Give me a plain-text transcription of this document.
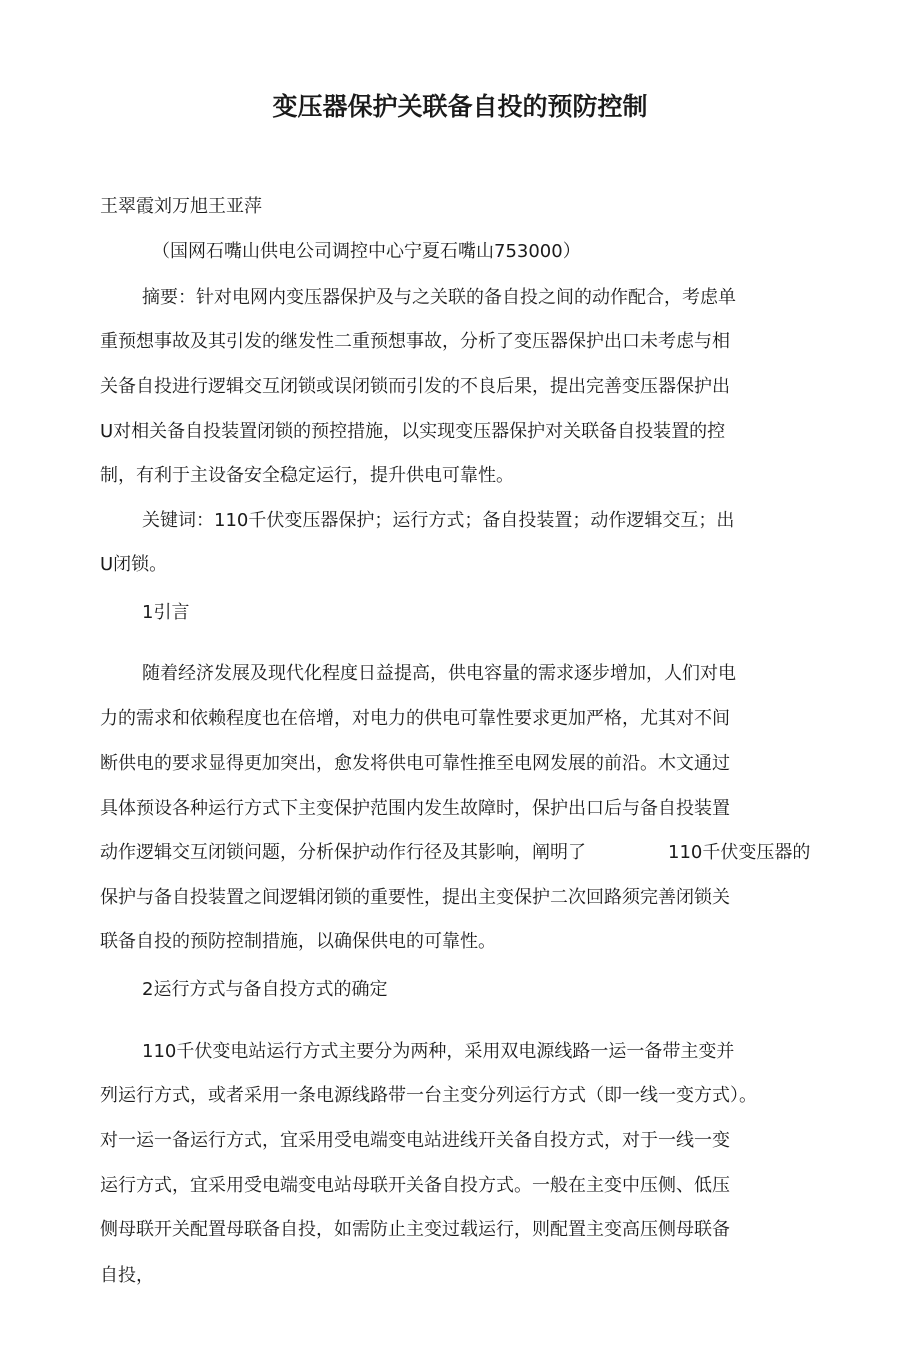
变压器保护关联备自投的预防控制

王翠霞刘万旭王亚萍

（国网石嘴山供电公司调控中心宁夏石嘴山753000）

摘要：针对电网内变压器保护及与之关联的备自投之间的动作配合，考虑单

重预想事故及其引发的继发性二重预想事故，分析了变压器保护出口未考虑与相

关备自投进行逻辑交互闭锁或误闭锁而引发的不良后果，提出完善变压器保护出

U对相关备自投装置闭锁的预控措施，以实现变压器保护对关联备自投装置的控

制，有利于主设备安全稳定运行，提升供电可靠性。

关键词：110千伏变压器保护；运行方式；备自投装置；动作逻辑交互；出

U闭锁。

1引言

随着经济发展及现代化程度日益提高，供电容量的需求逐步增加，人们对电

力的需求和依赖程度也在倍增，对电力的供电可靠性要求更加严格，尤其对不间

断供电的要求显得更加突出，愈发将供电可靠性推至电网发展的前沿。木文通过

具体预设各种运行方式下主变保护范围内发生故障时，保护出口后与备自投装置

动作逻辑交互闭锁问题，分析保护动作行径及其影响，阐明了	110千伏变压器的

保护与备自投装置之间逻辑闭锁的重要性，提出主变保护二次回路须完善闭锁关

联备自投的预防控制措施，以确保供电的可靠性。

2运行方式与备自投方式的确定

110千伏变电站运行方式主要分为两种，采用双电源线路一运一备带主变并

列运行方式，或者采用一条电源线路带一台主变分列运行方式（即一线一变方式）。

对一运一备运行方式，宜采用受电端变电站进线幵关备自投方式，对于一线一变

运行方式，宜采用受电端变电站母联开关备自投方式。一般在主变中压侧、低压

侧母联开关配置母联备自投，如需防止主变过载运行，则配置主变高压侧母联备

自投，
